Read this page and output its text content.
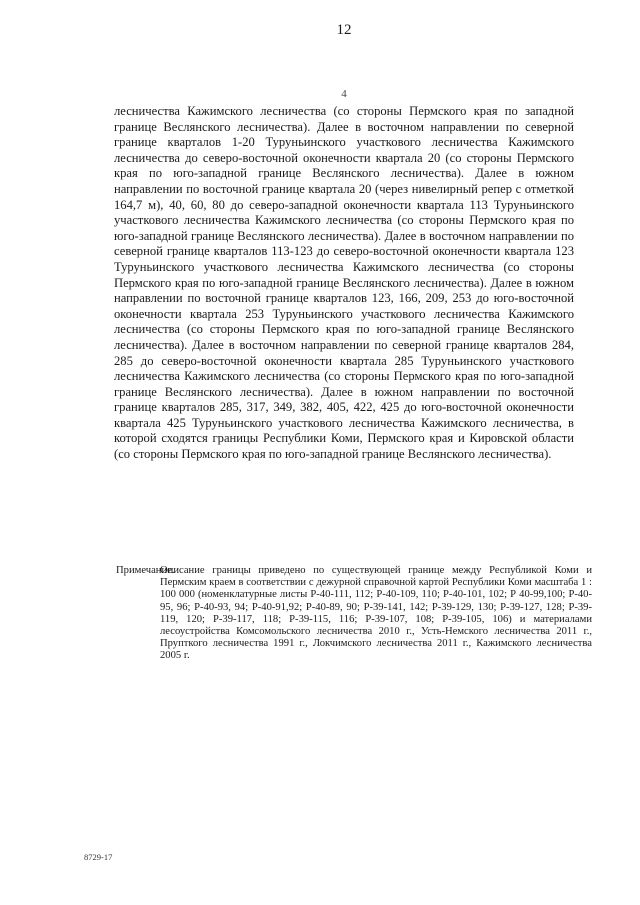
12
4

лесничества Кажимского лесничества (со стороны Пермского края по западной границе Веслянского лесничества). Далее в восточном направлении по северной границе кварталов 1-20 Туруньинского участкового лесничества Кажимского лесничества до северо-восточной оконечности квартала 20 (со стороны Пермского края по юго-западной границе Веслянского лесничества). Далее в южном направлении по восточной границе квартала 20 (через нивелирный репер с отметкой 164,7 м), 40, 60, 80 до северо-западной оконечности квартала 113 Туруньинского участкового лесничества Кажимского лесничества (со стороны Пермского края по юго-западной границе Веслянского лесничества). Далее в восточном направлении по северной границе кварталов 113-123 до северо-восточной оконечности квартала 123 Туруньинского участкового лесничества Кажимского лесничества (со стороны Пермского края по юго-западной границе Веслянского лесничества). Далее в южном направлении по восточной границе кварталов 123, 166, 209, 253 до юго-восточной оконечности квартала 253 Туруньинского участкового лесничества Кажимского лесничества (со стороны Пермского края по юго-западной границе Веслянского лесничества). Далее в восточном направлении по северной границе кварталов 284, 285 до северо-восточной оконечности квартала 285 Туруньинского участкового лесничества Кажимского лесничества (со стороны Пермского края по юго-западной границе Веслянского лесничества). Далее в южном направлении по восточной границе кварталов 285, 317, 349, 382, 405, 422, 425 до юго-восточной оконечности квартала 425 Туруньинского участкового лесничества Кажимского лесничества, в которой сходятся границы Республики Коми, Пермского края и Кировской области (со стороны Пермского края по юго-западной границе Веслянского лесничества).

Примечание.
Описание границы приведено по существующей границе между Республикой Коми и Пермским краем в соответствии с дежурной справочной картой Республики Коми масштаба 1 : 100 000 (номенклатурные листы Р-40-111, 112; Р-40-109, 110; Р-40-101, 102; Р 40-99,100; Р-40-95, 96; Р-40-93, 94; Р-40-91,92; Р-40-89, 90; Р-39-141, 142; Р-39-129, 130; Р-39-127, 128; Р-39-119, 120; Р-39-117, 118; Р-39-115, 116; Р-39-107, 108; Р-39-105, 106) и материалами лесоустройства Комсомольского лесничества 2010 г., Усть-Немского лесничества 2011 г., Прупткого лесничества 1991 г., Локчимского лесничества 2011 г., Кажимского лесничества 2005 г.
8729-17
